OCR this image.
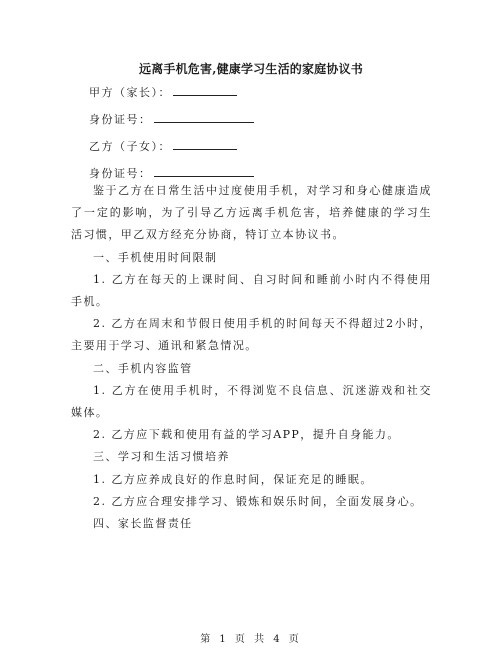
远离手机危害,健康学习生活的家庭协议书
甲方（家长）：
身份证号：
乙方（子女）：
身份证号：

鉴于乙方在日常生活中过度使用手机，对学习和身心健康造成了一定的影响，为了引导乙方远离手机危害，培养健康的学习生活习惯，甲乙双方经充分协商，特订立本协议书。

一、手机使用时间限制

1. 乙方在每天的上课时间、自习时间和睡前小时内不得使用手机。

2. 乙方在周末和节假日使用手机的时间每天不得超过2小时，主要用于学习、通讯和紧急情况。

二、手机内容监管

1. 乙方在使用手机时，不得浏览不良信息、沉迷游戏和社交媒体。

2. 乙方应下载和使用有益的学习APP，提升自身能力。

三、学习和生活习惯培养

1. 乙方应养成良好的作息时间，保证充足的睡眠。

2. 乙方应合理安排学习、锻炼和娱乐时间，全面发展身心。

四、家长监督责任

第 1 页 共 4 页
